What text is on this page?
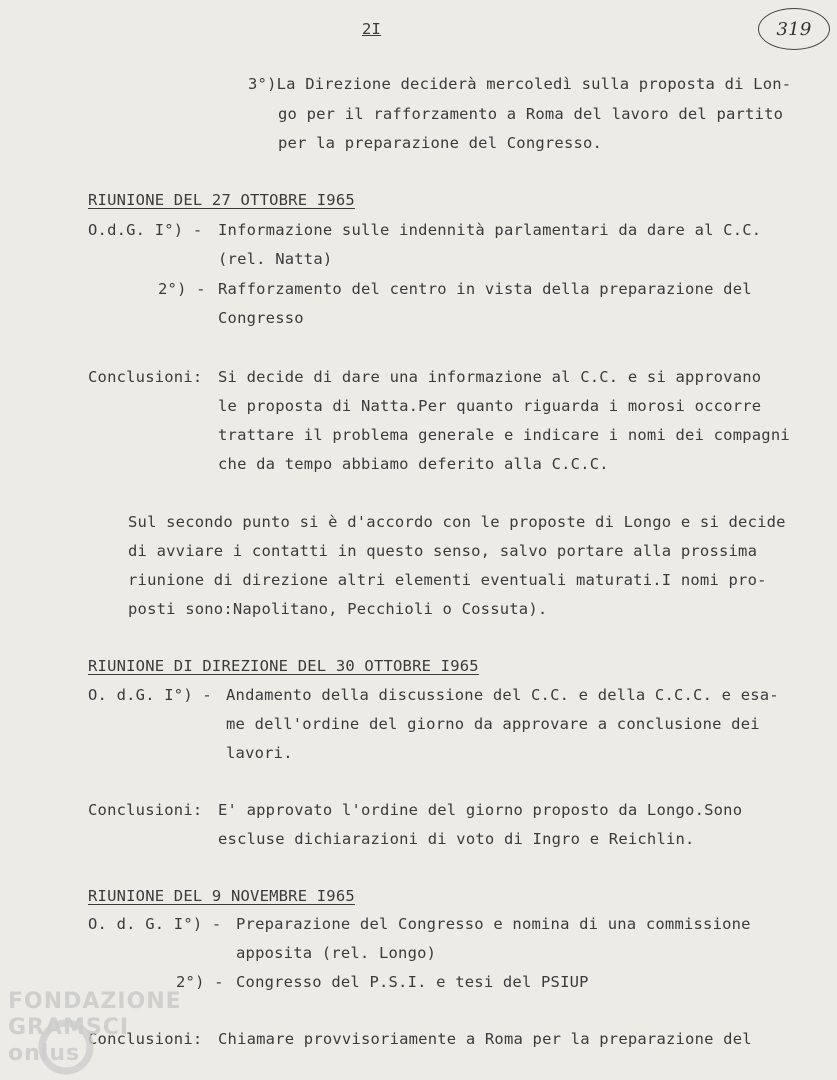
2I	319
3°)La Direzione deciderà mercoledì sulla proposta di Lon-
go per il rafforzamento a Roma del lavoro del partito
per la preparazione del Congresso.
RIUNIONE DEL 27 OTTOBRE I965
O.d.G. I°) - Informazione sulle indennità parlamentari da dare al C.C.
(rel. Natta)
2°) - Rafforzamento del centro in vista della preparazione del
Congresso
Conclusioni: Si decide di dare una informazione al C.C. e si approvano
le proposta di Natta.Per quanto riguarda i morosi occorre
trattare il problema generale e indicare i nomi dei compagni
che da tempo abbiamo deferito alla C.C.C.
Sul secondo punto si è d'accordo con le proposte di Longo e si decide
di avviare i contatti in questo senso, salvo portare alla prossima
riunione di direzione altri elementi eventuali maturati.I nomi pro-
posti sono:Napolitano, Pecchioli o Cossuta).
RIUNIONE DI DIREZIONE DEL 30 OTTOBRE I965
O. d.G. I°) - Andamento della discussione del C.C. e della C.C.C. e esa-
me dell'ordine del giorno da approvare a conclusione dei
lavori.
Conclusioni: E' approvato l'ordine del giorno proposto da Longo.Sono
escluse dichiarazioni di voto di Ingro e Reichlin.
RIUNIONE DEL 9 NOVEMBRE I965
O. d. G. I°) - Preparazione del Congresso e nomina di una commissione
apposita (rel. Longo)
2°) - Congresso del P.S.I. e tesi del PSIUP
Conclusioni: Chiamare provvisoriamente a Roma per la preparazione del
FONDAZIONE GRAMSCI onlus
